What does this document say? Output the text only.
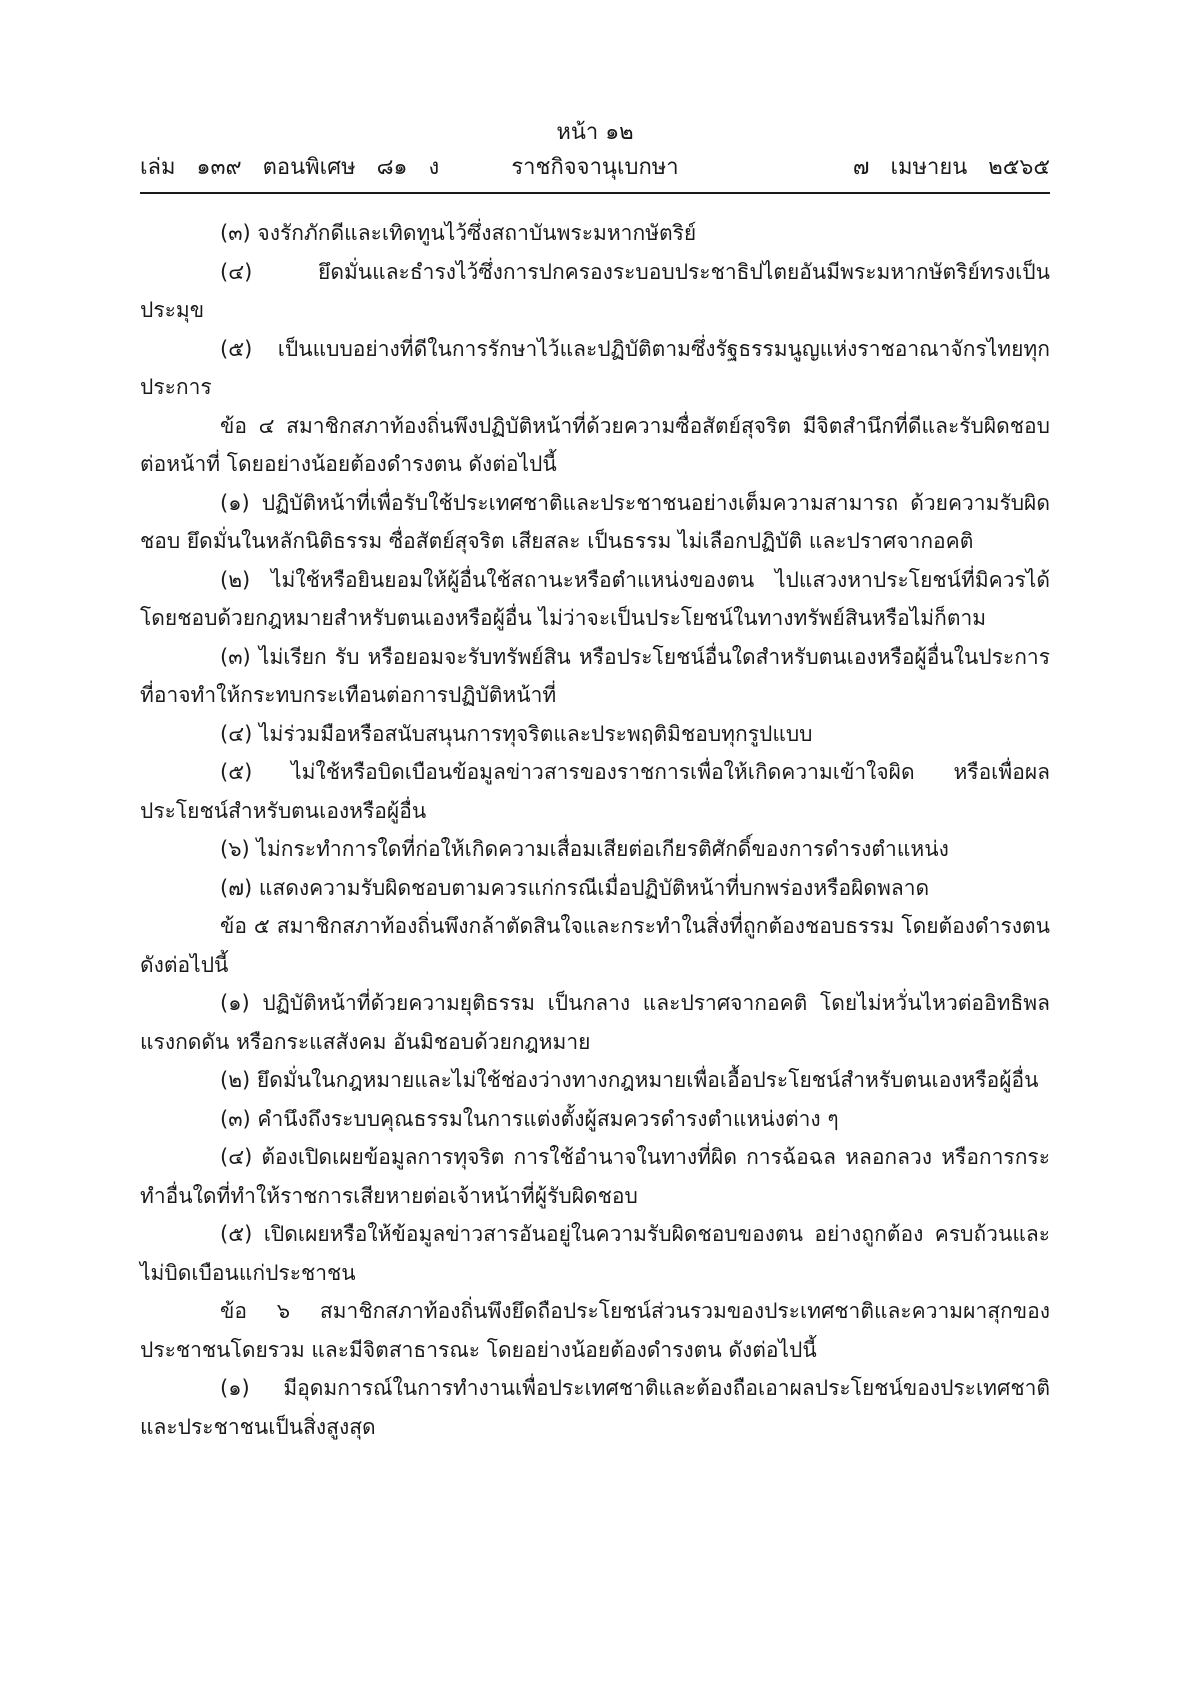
หน้า ๑๒
ราชกิจจานุเบกษา
เล่ม   ๑๓๙   ตอนพิเศษ   ๘๑   ง	๗   เมษายน   ๒๕๖๕

(๓) จงรักภักดีและเทิดทูนไว้ซึ่งสถาบันพระมหากษัตริย์

(๔) ยึดมั่นและธำรงไว้ซึ่งการปกครองระบอบประชาธิปไตยอันมีพระมหากษัตริย์ทรงเป็นประมุข

(๕) เป็นแบบอย่างที่ดีในการรักษาไว้และปฏิบัติตามซึ่งรัฐธรรมนูญแห่งราชอาณาจักรไทยทุกประการ

ข้อ ๔ สมาชิกสภาท้องถิ่นพึงปฏิบัติหน้าที่ด้วยความซื่อสัตย์สุจริต มีจิตสำนึกที่ดีและรับผิดชอบต่อหน้าที่ โดยอย่างน้อยต้องดำรงตน ดังต่อไปนี้

(๑) ปฏิบัติหน้าที่เพื่อรับใช้ประเทศชาติและประชาชนอย่างเต็มความสามารถ ด้วยความรับผิดชอบ ยึดมั่นในหลักนิติธรรม ซื่อสัตย์สุจริต เสียสละ เป็นธรรม ไม่เลือกปฏิบัติ และปราศจากอคติ

(๒) ไม่ใช้หรือยินยอมให้ผู้อื่นใช้สถานะหรือตำแหน่งของตน ไปแสวงหาประโยชน์ที่มิควรได้โดยชอบด้วยกฎหมายสำหรับตนเองหรือผู้อื่น ไม่ว่าจะเป็นประโยชน์ในทางทรัพย์สินหรือไม่ก็ตาม

(๓) ไม่เรียก รับ หรือยอมจะรับทรัพย์สิน หรือประโยชน์อื่นใดสำหรับตนเองหรือผู้อื่นในประการที่อาจทำให้กระทบกระเทือนต่อการปฏิบัติหน้าที่

(๔) ไม่ร่วมมือหรือสนับสนุนการทุจริตและประพฤติมิชอบทุกรูปแบบ

(๕) ไม่ใช้หรือบิดเบือนข้อมูลข่าวสารของราชการเพื่อให้เกิดความเข้าใจผิด หรือเพื่อผลประโยชน์สำหรับตนเองหรือผู้อื่น

(๖) ไม่กระทำการใดที่ก่อให้เกิดความเสื่อมเสียต่อเกียรติศักดิ์ของการดำรงตำแหน่ง

(๗) แสดงความรับผิดชอบตามควรแก่กรณีเมื่อปฏิบัติหน้าที่บกพร่องหรือผิดพลาด

ข้อ ๕ สมาชิกสภาท้องถิ่นพึงกล้าตัดสินใจและกระทำในสิ่งที่ถูกต้องชอบธรรม โดยต้องดำรงตนดังต่อไปนี้

(๑) ปฏิบัติหน้าที่ด้วยความยุติธรรม เป็นกลาง และปราศจากอคติ โดยไม่หวั่นไหวต่ออิทธิพลแรงกดดัน หรือกระแสสังคม อันมิชอบด้วยกฎหมาย

(๒) ยึดมั่นในกฎหมายและไม่ใช้ช่องว่างทางกฎหมายเพื่อเอื้อประโยชน์สำหรับตนเองหรือผู้อื่น

(๓) คำนึงถึงระบบคุณธรรมในการแต่งตั้งผู้สมควรดำรงตำแหน่งต่าง ๆ

(๔) ต้องเปิดเผยข้อมูลการทุจริต การใช้อำนาจในทางที่ผิด การฉ้อฉล หลอกลวง หรือการกระทำอื่นใดที่ทำให้ราชการเสียหายต่อเจ้าหน้าที่ผู้รับผิดชอบ

(๕) เปิดเผยหรือให้ข้อมูลข่าวสารอันอยู่ในความรับผิดชอบของตน อย่างถูกต้อง ครบถ้วนและไม่บิดเบือนแก่ประชาชน

ข้อ ๖ สมาชิกสภาท้องถิ่นพึงยึดถือประโยชน์ส่วนรวมของประเทศชาติและความผาสุกของประชาชนโดยรวม และมีจิตสาธารณะ โดยอย่างน้อยต้องดำรงตน ดังต่อไปนี้

(๑) มีอุดมการณ์ในการทำงานเพื่อประเทศชาติและต้องถือเอาผลประโยชน์ของประเทศชาติและประชาชนเป็นสิ่งสูงสุด
